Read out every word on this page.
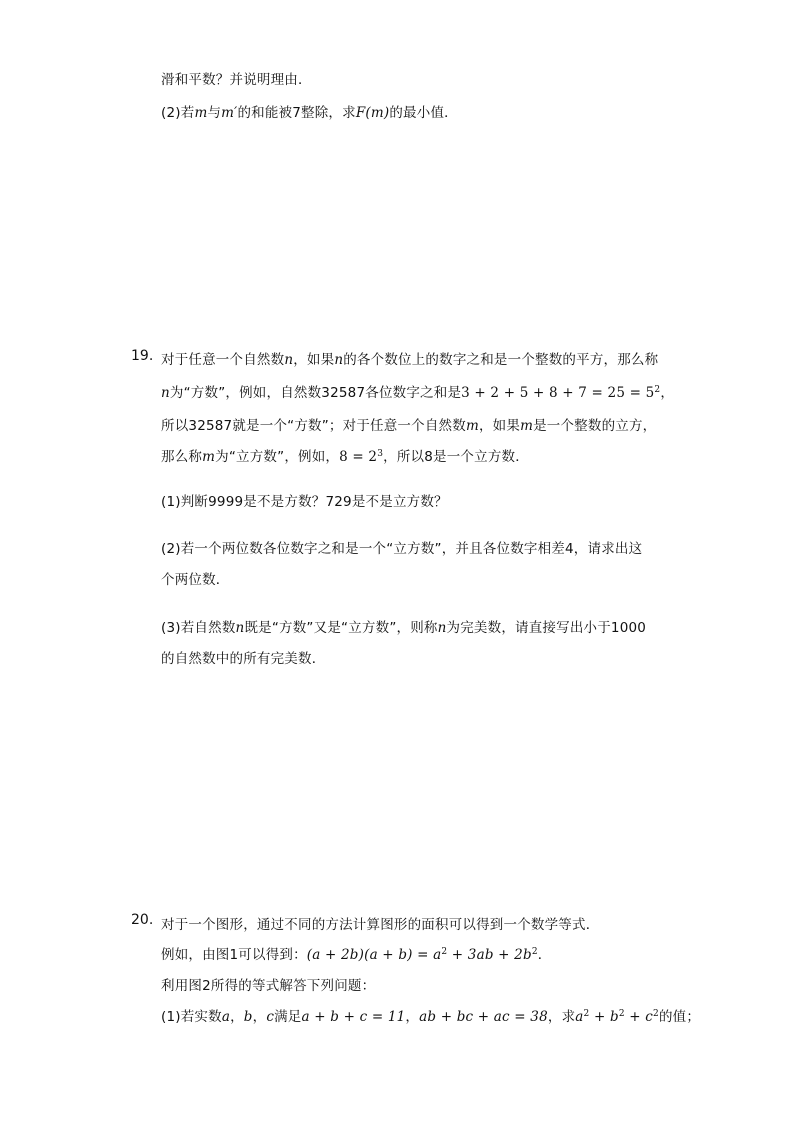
滑和平数？并说明理由．
(2)若m与m′的和能被7整除，求F(m)的最小值．
19. 对于任意一个自然数n，如果n的各个数位上的数字之和是一个整数的平方，那么称
n为“方数”，例如，自然数32587各位数字之和是$3 + 2 + 5 + 8 + 7 = 25 = 5^2$，
所以32587就是一个“方数”；对于任意一个自然数m，如果m是一个整数的立方，
那么称m为“立方数”，例如，$8 = 2^3$，所以8是一个立方数．
(1)判断9999是不是方数？729是不是立方数？
(2)若一个两位数各位数字之和是一个“立方数”，并且各位数字相差4，请求出这
个两位数．
(3)若自然数n既是“方数”又是“立方数”，则称n为完美数，请直接写出小于1000
的自然数中的所有完美数．
20. 对于一个图形，通过不同的方法计算图形的面积可以得到一个数学等式．
例如，由图1可以得到：$(a + 2b)(a + b) = a^2 + 3ab + 2b^2$．
利用图2所得的等式解答下列问题：
(1)若实数a，b，c满足a + b + c = 11，ab + bc + ac = 38，求$a^2 + b^2 + c^2$的值；
